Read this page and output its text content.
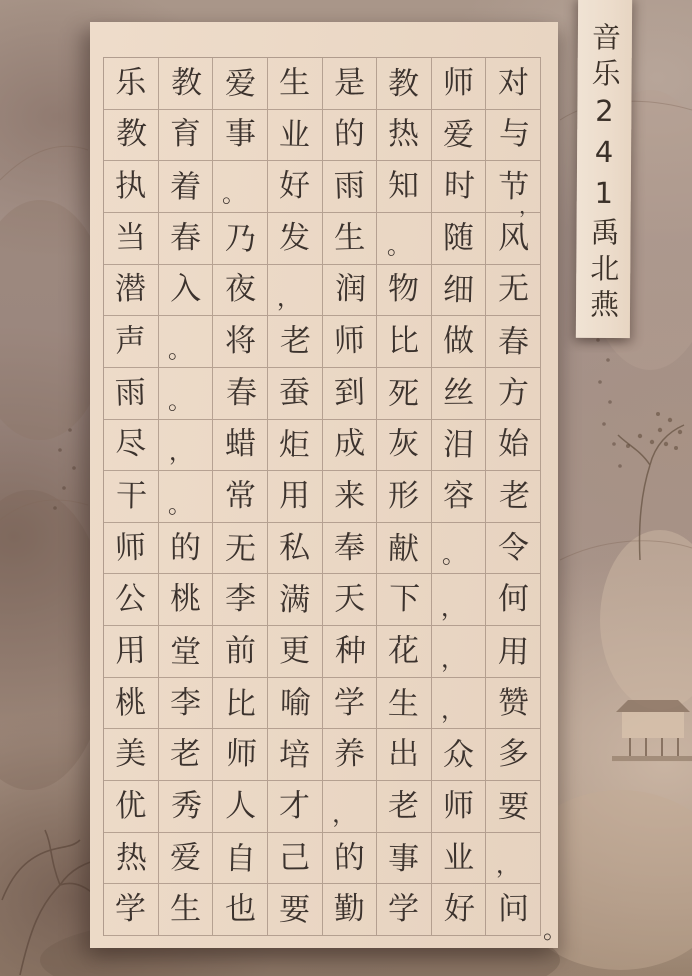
乐 教 爱 生 是 教 师 对
教 育 事 业 的 热 爱 与
执 着 。 好 雨 知 时 节
，
当 春 乃 发 生 。 随 风
潜 入 夜 ， 润 物 细 无
声 。 将 老 师 比 做 春
雨 。 春 蚕 到 死 丝 方
尽 ， 蜡 炬 成 灰 泪 始
干 。 常 用 来 形 容 老
师 的 无 私 奉 献 。 令
公 桃 李 满 天 下 ， 何
用 堂 前 更 种 花 ， 用
桃 李 比 喻 学 生 ， 赞
美 老 师 培 养 出 众 多
优 秀 人 才 ， 老 师 要
热 爱 自 己 的 事 业 ，
学 生 也 要 勤 学 好 问
。
音乐241禹北燕
